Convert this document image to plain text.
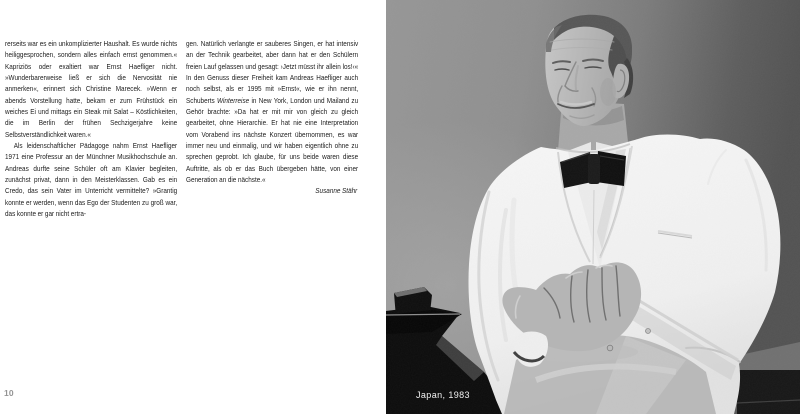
rerseits war es ein unkomplizierter Haushalt. Es wurde nichts heiliggesprochen, sondern alles einfach ernst genommen.« Kapriziös oder exaltiert war Ernst Haefliger nicht. »Wunderbarerweise ließ er sich die Nervosität nie anmerken«, erinnert sich Christine Marecek. »Wenn er abends Vorstellung hatte, bekam er zum Frühstück ein weiches Ei und mittags ein Steak mit Salat – Köstlichkeiten, die im Berlin der frühen Sechzigerjahre keine Selbstverständlichkeit waren.«

Als leidenschaftlicher Pädagoge nahm Ernst Haefliger 1971 eine Professur an der Münchner Musikhochschule an. Andreas durfte seine Schüler oft am Klavier begleiten, zunächst privat, dann in den Meisterklassen. Gab es ein Credo, das sein Vater im Unterricht vermittelte? »Grantig konnte er werden, wenn das Ego der Studenten zu groß war, das konnte er gar nicht ertra-

gen. Natürlich verlangte er sauberes Singen, er hat intensiv an der Technik gearbeitet, aber dann hat er den Schülern freien Lauf gelassen und gesagt: ›Jetzt müsst ihr allein los!‹« In den Genuss dieser Freiheit kam Andreas Haefliger auch noch selbst, als er 1995 mit »Ernst«, wie er ihn nennt, Schuberts Winterreise in New York, London und Mailand zu Gehör brachte: »Da hat er mit mir von gleich zu gleich gearbeitet, ohne Hierarchie. Er hat nie eine Interpretation vom Vorabend ins nächste Konzert übernommen, es war immer neu und einmalig, und wir haben eigentlich ohne zu sprechen geprobt. Ich glaube, für uns beide waren diese Auftritte, als ob er das Buch übergeben hätte, von einer Generation an die nächste.«

Susanne Stähr

10	Japan, 1983
